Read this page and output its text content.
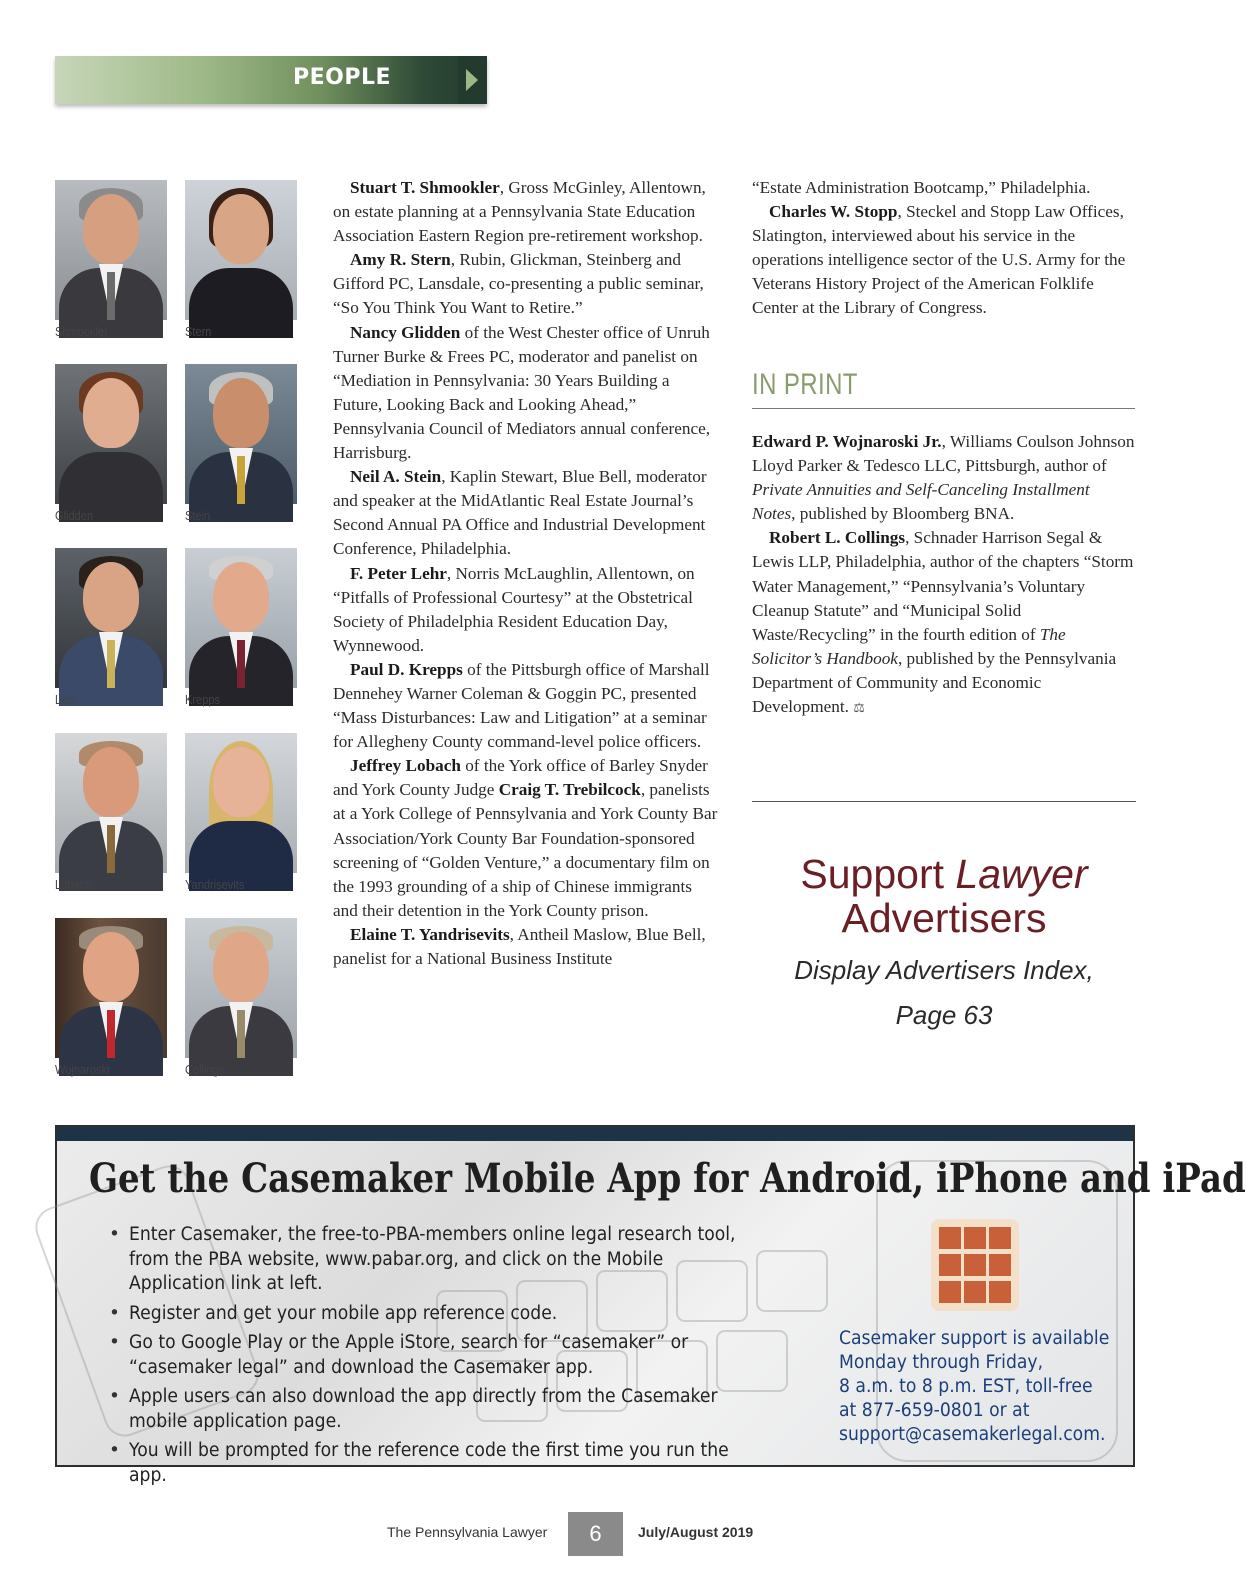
PEOPLE
Shmookler	Stern
Glidden	Stein
Lehr	Krepps
Lobach	Yandrisevits
Wojnaroski	Collings

Stuart T. Shmookler, Gross McGinley, Allentown, on estate planning at a Pennsylvania State Education Association Eastern Region pre-retirement workshop.

Amy R. Stern, Rubin, Glickman, Steinberg and Gifford PC, Lansdale, co-presenting a public seminar, “So You Think You Want to Retire.”

Nancy Glidden of the West Chester office of Unruh Turner Burke & Frees PC, moderator and panelist on “Mediation in Pennsylvania: 30 Years Building a Future, Looking Back and Looking Ahead,” Pennsylvania Council of Mediators annual conference, Harrisburg.

Neil A. Stein, Kaplin Stewart, Blue Bell, moderator and speaker at the MidAtlantic Real Estate Journal’s Second Annual PA Office and Industrial Development Conference, Philadelphia.

F. Peter Lehr, Norris McLaughlin, Allentown, on “Pitfalls of Professional Courtesy” at the Obstetrical Society of Philadelphia Resident Education Day, Wynnewood.

Paul D. Krepps of the Pittsburgh office of Marshall Dennehey Warner Coleman & Goggin PC, presented “Mass Disturbances: Law and Litigation” at a seminar for Allegheny County command-level police officers.

Jeffrey Lobach of the York office of Barley Snyder and York County Judge Craig T. Trebilcock, panelists at a York College of Pennsylvania and York County Bar Association/York County Bar Foundation-sponsored screening of “Golden Venture,” a documentary film on the 1993 grounding of a ship of Chinese immigrants and their detention in the York County prison.

Elaine T. Yandrisevits, Antheil Maslow, Blue Bell, panelist for a National Business Institute

“Estate Administration Bootcamp,” Philadelphia.

Charles W. Stopp, Steckel and Stopp Law Offices, Slatington, interviewed about his service in the operations intelligence sector of the U.S. Army for the Veterans History Project of the American Folklife Center at the Library of Congress.

IN PRINT

Edward P. Wojnaroski Jr., Williams Coulson Johnson Lloyd Parker & Tedesco LLC, Pittsburgh, author of Private Annuities and Self-Canceling Installment Notes, published by Bloomberg BNA.

Robert L. Collings, Schnader Harrison Segal & Lewis LLP, Philadelphia, author of the chapters “Storm Water Management,” “Pennsylvania’s Voluntary Cleanup Statute” and “Municipal Solid Waste/Recycling” in the fourth edition of The Solicitor’s Handbook, published by the Pennsylvania Department of Community and Economic Development. ⚖

Support Lawyer
Advertisers
Display Advertisers Index,
Page 63
Get the Casemaker Mobile App for Android, iPhone and iPad
• Enter Casemaker, the free-to-PBA-members online legal research tool, from the PBA website, www.pabar.org, and click on the Mobile Application link at left.
• Register and get your mobile app reference code.
• Go to Google Play or the Apple iStore, search for “casemaker” or “casemaker legal” and download the Casemaker app.
• Apple users can also download the app directly from the Casemaker mobile application page.
• You will be prompted for the reference code the first time you run the app.
Casemaker support is available
Monday through Friday,
8 a.m. to 8 p.m. EST, toll-free
at 877-659-0801 or at
support@casemakerlegal.com.
The Pennsylvania Lawyer	6	July/August 2019
